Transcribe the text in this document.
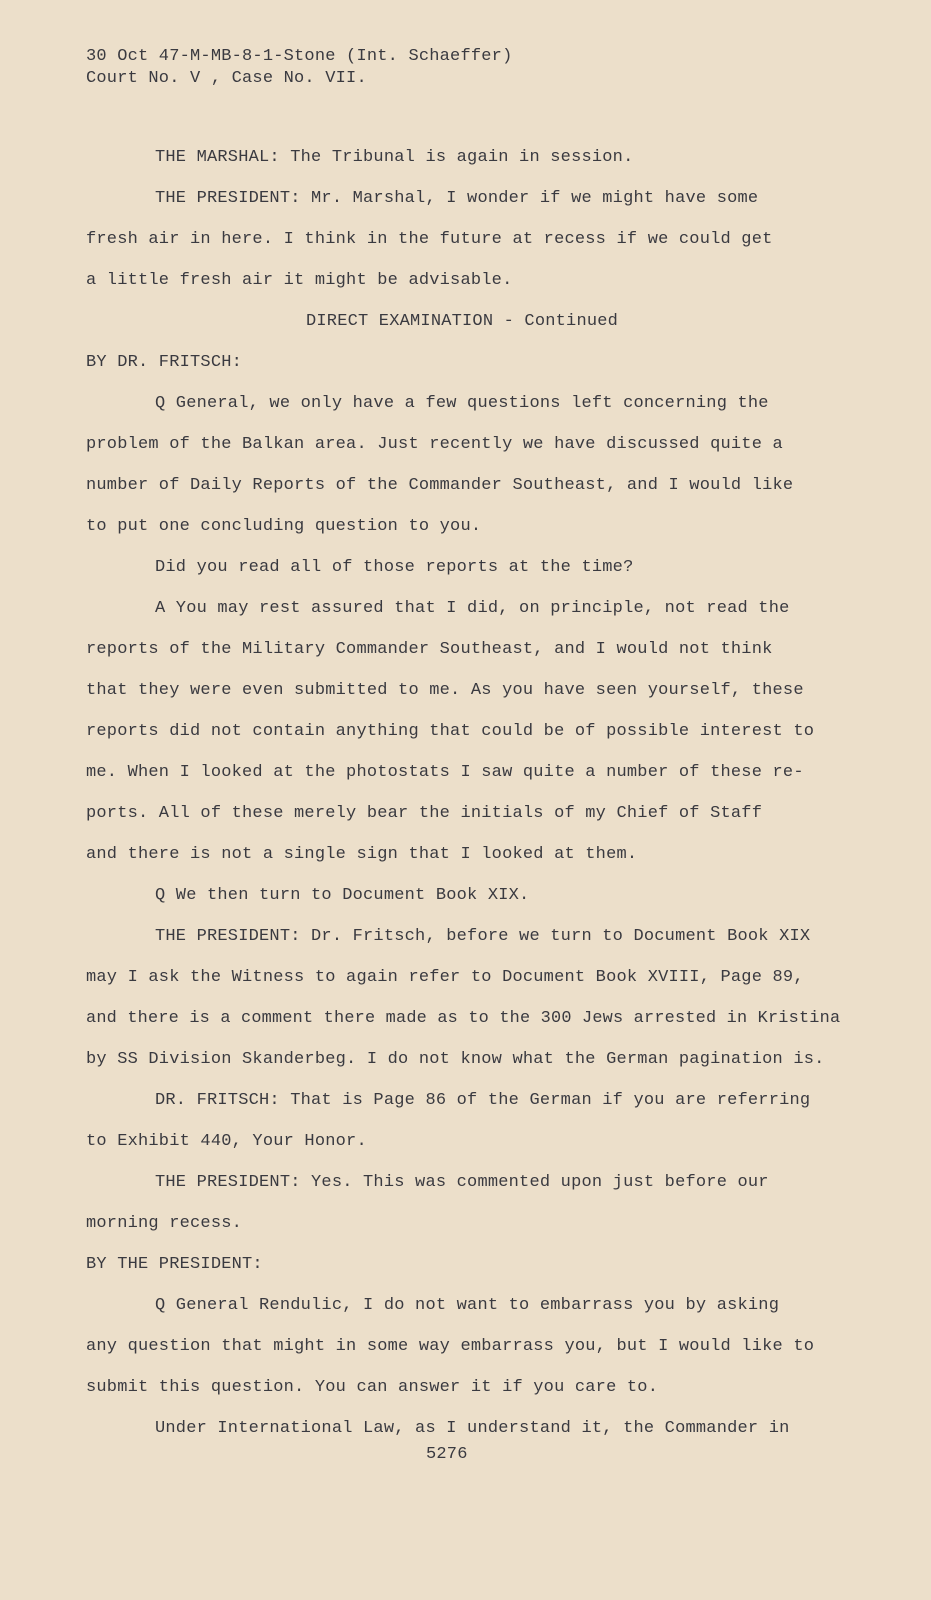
30 Oct 47-M-MB-8-1-Stone (Int. Schaeffer)
Court No. V , Case No. VII.
THE MARSHAL: The Tribunal is again in session.
THE PRESIDENT: Mr. Marshal, I wonder if we might have some
fresh air in here. I think in the future at recess if we could get
a little fresh air it might be advisable.
DIRECT EXAMINATION - Continued
BY DR. FRITSCH:
Q General, we only have a few questions left concerning the
problem of the Balkan area. Just recently we have discussed quite a
number of Daily Reports of the Commander Southeast, and I would like
to put one concluding question to you.
Did you read all of those reports at the time?
A You may rest assured that I did, on principle, not read the
reports of the Military Commander Southeast, and I would not think
that they were even submitted to me. As you have seen yourself, these
reports did not contain anything that could be of possible interest to
me. When I looked at the photostats I saw quite a number of these re-
ports. All of these merely bear the initials of my Chief of Staff
and there is not a single sign that I looked at them.
Q We then turn to Document Book XIX.
THE PRESIDENT: Dr. Fritsch, before we turn to Document Book XIX
may I ask the Witness to again refer to Document Book XVIII, Page 89,
and there is a comment there made as to the 300 Jews arrested in Kristina
by SS Division Skanderbeg. I do not know what the German pagination is.
DR. FRITSCH: That is Page 86 of the German if you are referring
to Exhibit 440, Your Honor.
THE PRESIDENT: Yes. This was commented upon just before our
morning recess.
BY THE PRESIDENT:
Q General Rendulic, I do not want to embarrass you by asking
any question that might in some way embarrass you, but I would like to
submit this question. You can answer it if you care to.
Under International Law, as I understand it, the Commander in
5276
